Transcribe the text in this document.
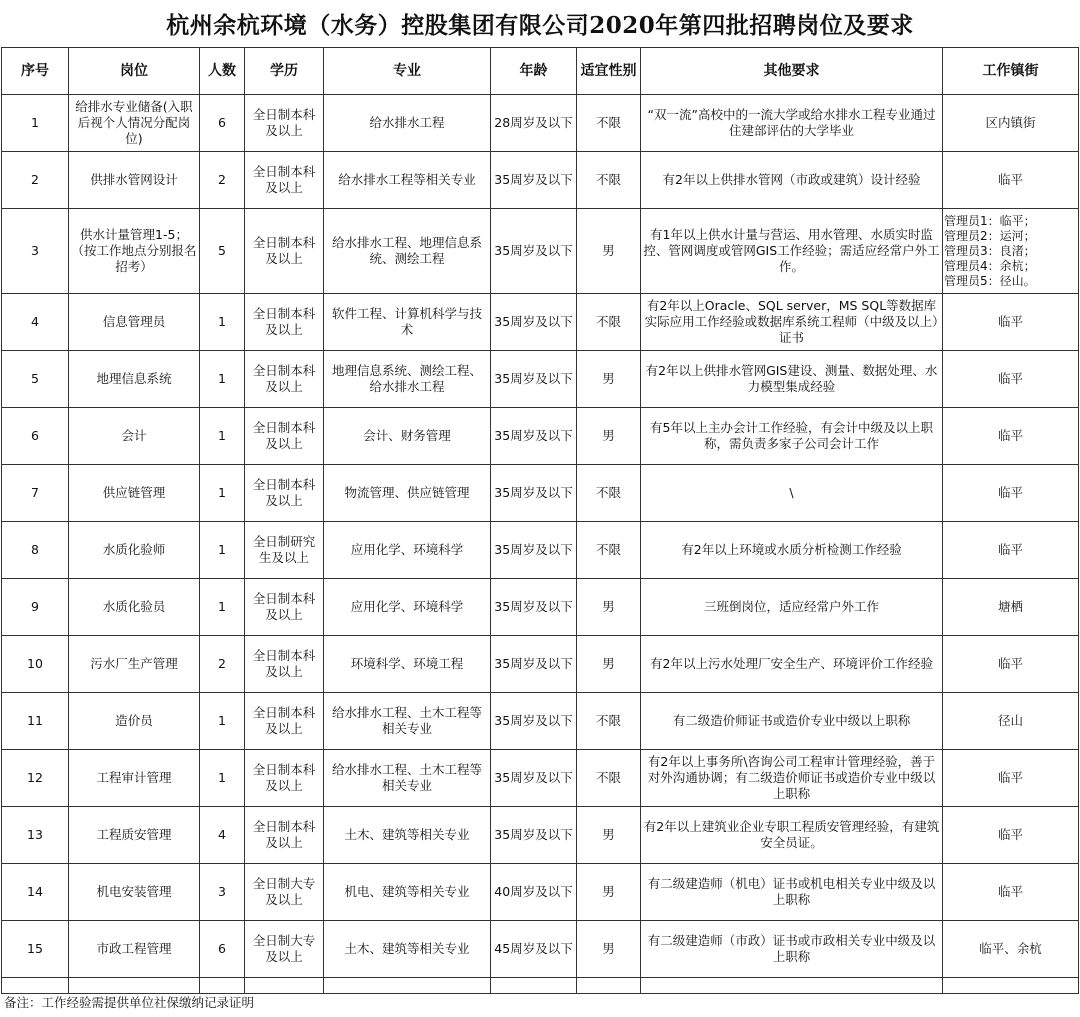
杭州余杭环境（水务）控股集团有限公司2020年第四批招聘岗位及要求
序号	岗位	人数	学历	专业	年龄	适宜性别	其他要求	工作镇街
1	给排水专业储备(入职后视个人情况分配岗位)	6	全日制本科及以上	给水排水工程	28周岁及以下	不限	“双一流”高校中的一流大学或给水排水工程专业通过住建部评估的大学毕业	区内镇街
2	供排水管网设计	2	全日制本科及以上	给水排水工程等相关专业	35周岁及以下	不限	有2年以上供排水管网（市政或建筑）设计经验	临平
3	供水计量管理1-5；（按工作地点分别报名招考）	5	全日制本科及以上	给水排水工程、地理信息系统、测绘工程	35周岁及以下	男	有1年以上供水计量与营运、用水管理、水质实时监控、管网调度或管网GIS工作经验；需适应经常户外工作。	管理员1：临平；
管理员2：运河；
管理员3：良渚；
管理员4：余杭；
管理员5：径山。

4	信息管理员	1	全日制本科及以上	软件工程、计算机科学与技术	35周岁及以下	不限	有2年以上Oracle、SQL server，MS SQL等数据库实际应用工作经验或数据库系统工程师（中级及以上）证书	临平
5	地理信息系统	1	全日制本科及以上	地理信息系统、测绘工程、给水排水工程	35周岁及以下	男	有2年以上供排水管网GIS建设、测量、数据处理、水力模型集成经验	临平
6	会计	1	全日制本科及以上	会计、财务管理	35周岁及以下	男	有5年以上主办会计工作经验，有会计中级及以上职称，需负责多家子公司会计工作	临平
7	供应链管理	1	全日制本科及以上	物流管理、供应链管理	35周岁及以下	不限	\	临平
8	水质化验师	1	全日制研究生及以上	应用化学、环境科学	35周岁及以下	不限	有2年以上环境或水质分析检测工作经验	临平
9	水质化验员	1	全日制本科及以上	应用化学、环境科学	35周岁及以下	男	三班倒岗位，适应经常户外工作	塘栖
10	污水厂生产管理	2	全日制本科及以上	环境科学、环境工程	35周岁及以下	男	有2年以上污水处理厂安全生产、环境评价工作经验	临平
11	造价员	1	全日制本科及以上	给水排水工程、土木工程等相关专业	35周岁及以下	不限	有二级造价师证书或造价专业中级以上职称	径山
12	工程审计管理	1	全日制本科及以上	给水排水工程、土木工程等相关专业	35周岁及以下	不限	有2年以上事务所\咨询公司工程审计管理经验，善于对外沟通协调；有二级造价师证书或造价专业中级以上职称	临平
13	工程质安管理	4	全日制本科及以上	土木、建筑等相关专业	35周岁及以下	男	有2年以上建筑业企业专职工程质安管理经验，有建筑安全员证。	临平
14	机电安装管理	3	全日制大专及以上	机电、建筑等相关专业	40周岁及以下	男	有二级建造师（机电）证书或机电相关专业中级及以上职称	临平
15	市政工程管理	6	全日制大专及以上	土木、建筑等相关专业	45周岁及以下	男	有二级建造师（市政）证书或市政相关专业中级及以上职称	临平、余杭

备注：工作经验需提供单位社保缴纳记录证明
